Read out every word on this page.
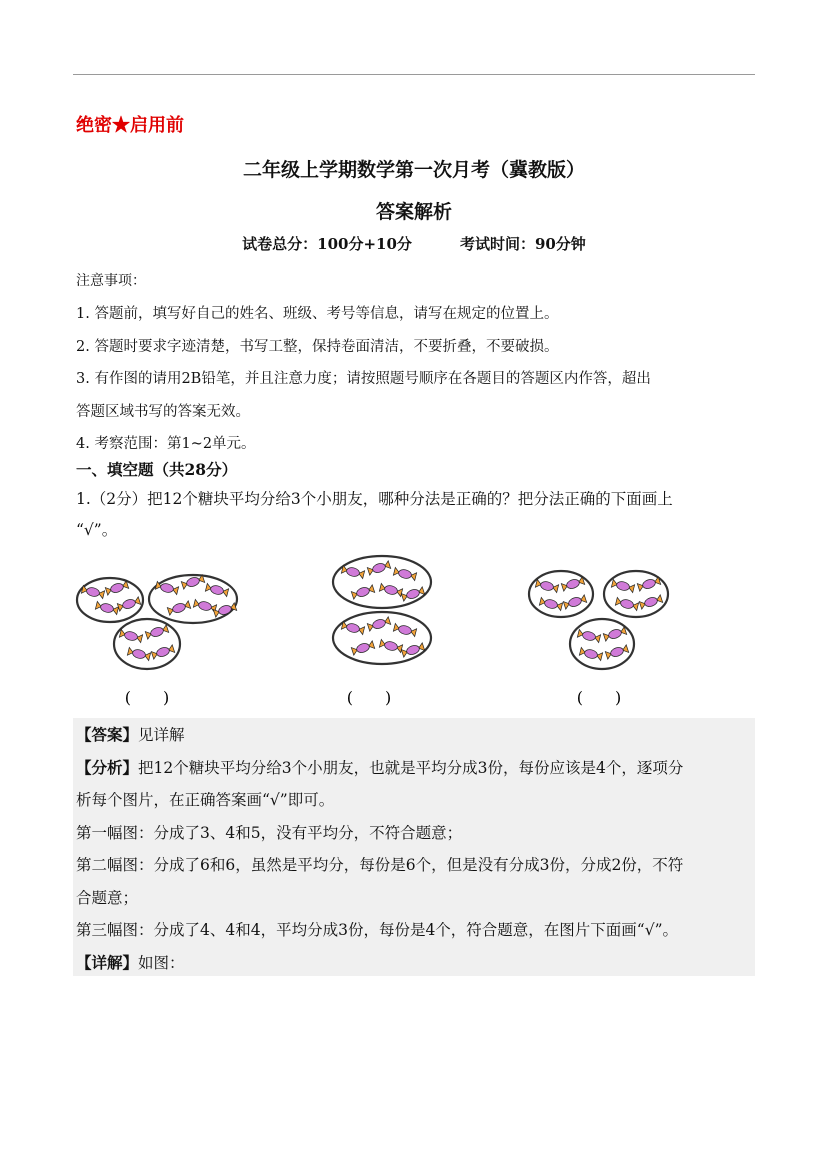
绝密★启用前
二年级上学期数学第一次月考（冀教版）
答案解析
试卷总分：100分+10分	考试时间：90分钟
注意事项：
1. 答题前，填写好自己的姓名、班级、考号等信息，请写在规定的位置上。
2. 答题时要求字迹清楚，书写工整，保持卷面清洁，不要折叠，不要破损。
3. 有作图的请用2B铅笔，并且注意力度；请按照题号顺序在各题目的答题区内作答，超出
答题区域书写的答案无效。
4. 考察范围：第1~2单元。
一、填空题（共28分）
1.（2分）把12个糖块平均分给3个小朋友，哪种分法是正确的？把分法正确的下面画上
“√”。
(　　)	(　　)	(　　)
【答案】见详解
【分析】把12个糖块平均分给3个小朋友，也就是平均分成3份，每份应该是4个，逐项分
析每个图片，在正确答案画“√”即可。
第一幅图：分成了3、4和5，没有平均分，不符合题意；
第二幅图：分成了6和6，虽然是平均分，每份是6个，但是没有分成3份，分成2份，不符
合题意；
第三幅图：分成了4、4和4，平均分成3份，每份是4个，符合题意，在图片下面画“√”。
【详解】如图：
